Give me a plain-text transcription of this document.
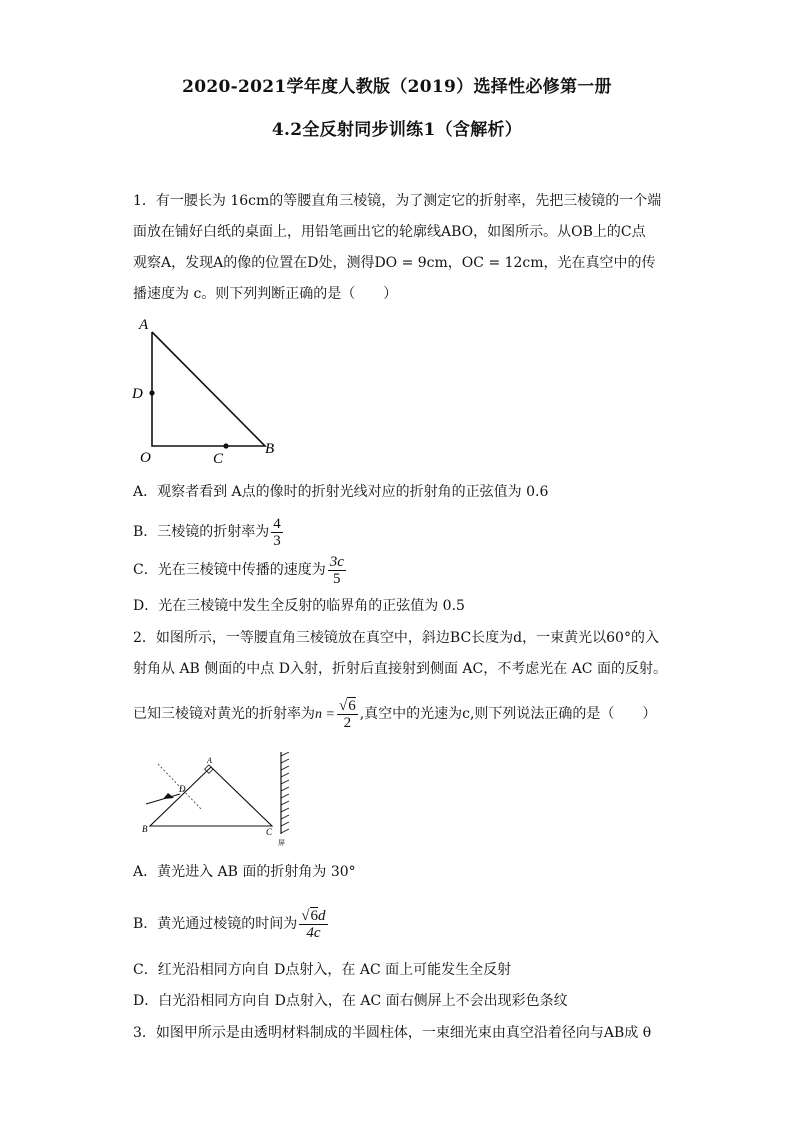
2020-2021学年度人教版（2019）选择性必修第一册
4.2全反射同步训练1（含解析）
1．有一腰长为 16cm的等腰直角三棱镜，为了测定它的折射率，先把三棱镜的一个端
面放在铺好白纸的桌面上，用铅笔画出它的轮廓线ABO，如图所示。从OB上的C点
观察A，发现A的像的位置在D处，测得DO = 9cm，OC = 12cm，光在真空中的传
播速度为 c。则下列判断正确的是（　　）
A
D
O	C
B
A．观察者看到 A点的像时的折射光线对应的折射角的正弦值为 0.6
B．三棱镜的折射率为 $\frac{4}{3}$
C．光在三棱镜中传播的速度为 $\frac{3c}{5}$
D．光在三棱镜中发生全反射的临界角的正弦值为 0.5
2．如图所示，一等腰直角三棱镜放在真空中，斜边BC长度为d，一束黄光以60°的入
射角从 AB 侧面的中点 D入射，折射后直接射到侧面 AC，不考虑光在 AC 面的反射。
已知三棱镜对黄光的折射率为$n = \frac{√6}{2}$ ,真空中的光速为c,则下列说法正确的是（　　）
A
D
B	C
屏
A．黄光进入 AB 面的折射角为 30°
B．黄光通过棱镜的时间为 $\frac{√6d}{4c}$
C．红光沿相同方向自 D点射入，在 AC 面上可能发生全反射
D．白光沿相同方向自 D点射入，在 AC 面右侧屏上不会出现彩色条纹
3．如图甲所示是由透明材料制成的半圆柱体，一束细光束由真空沿着径向与AB成 θ
